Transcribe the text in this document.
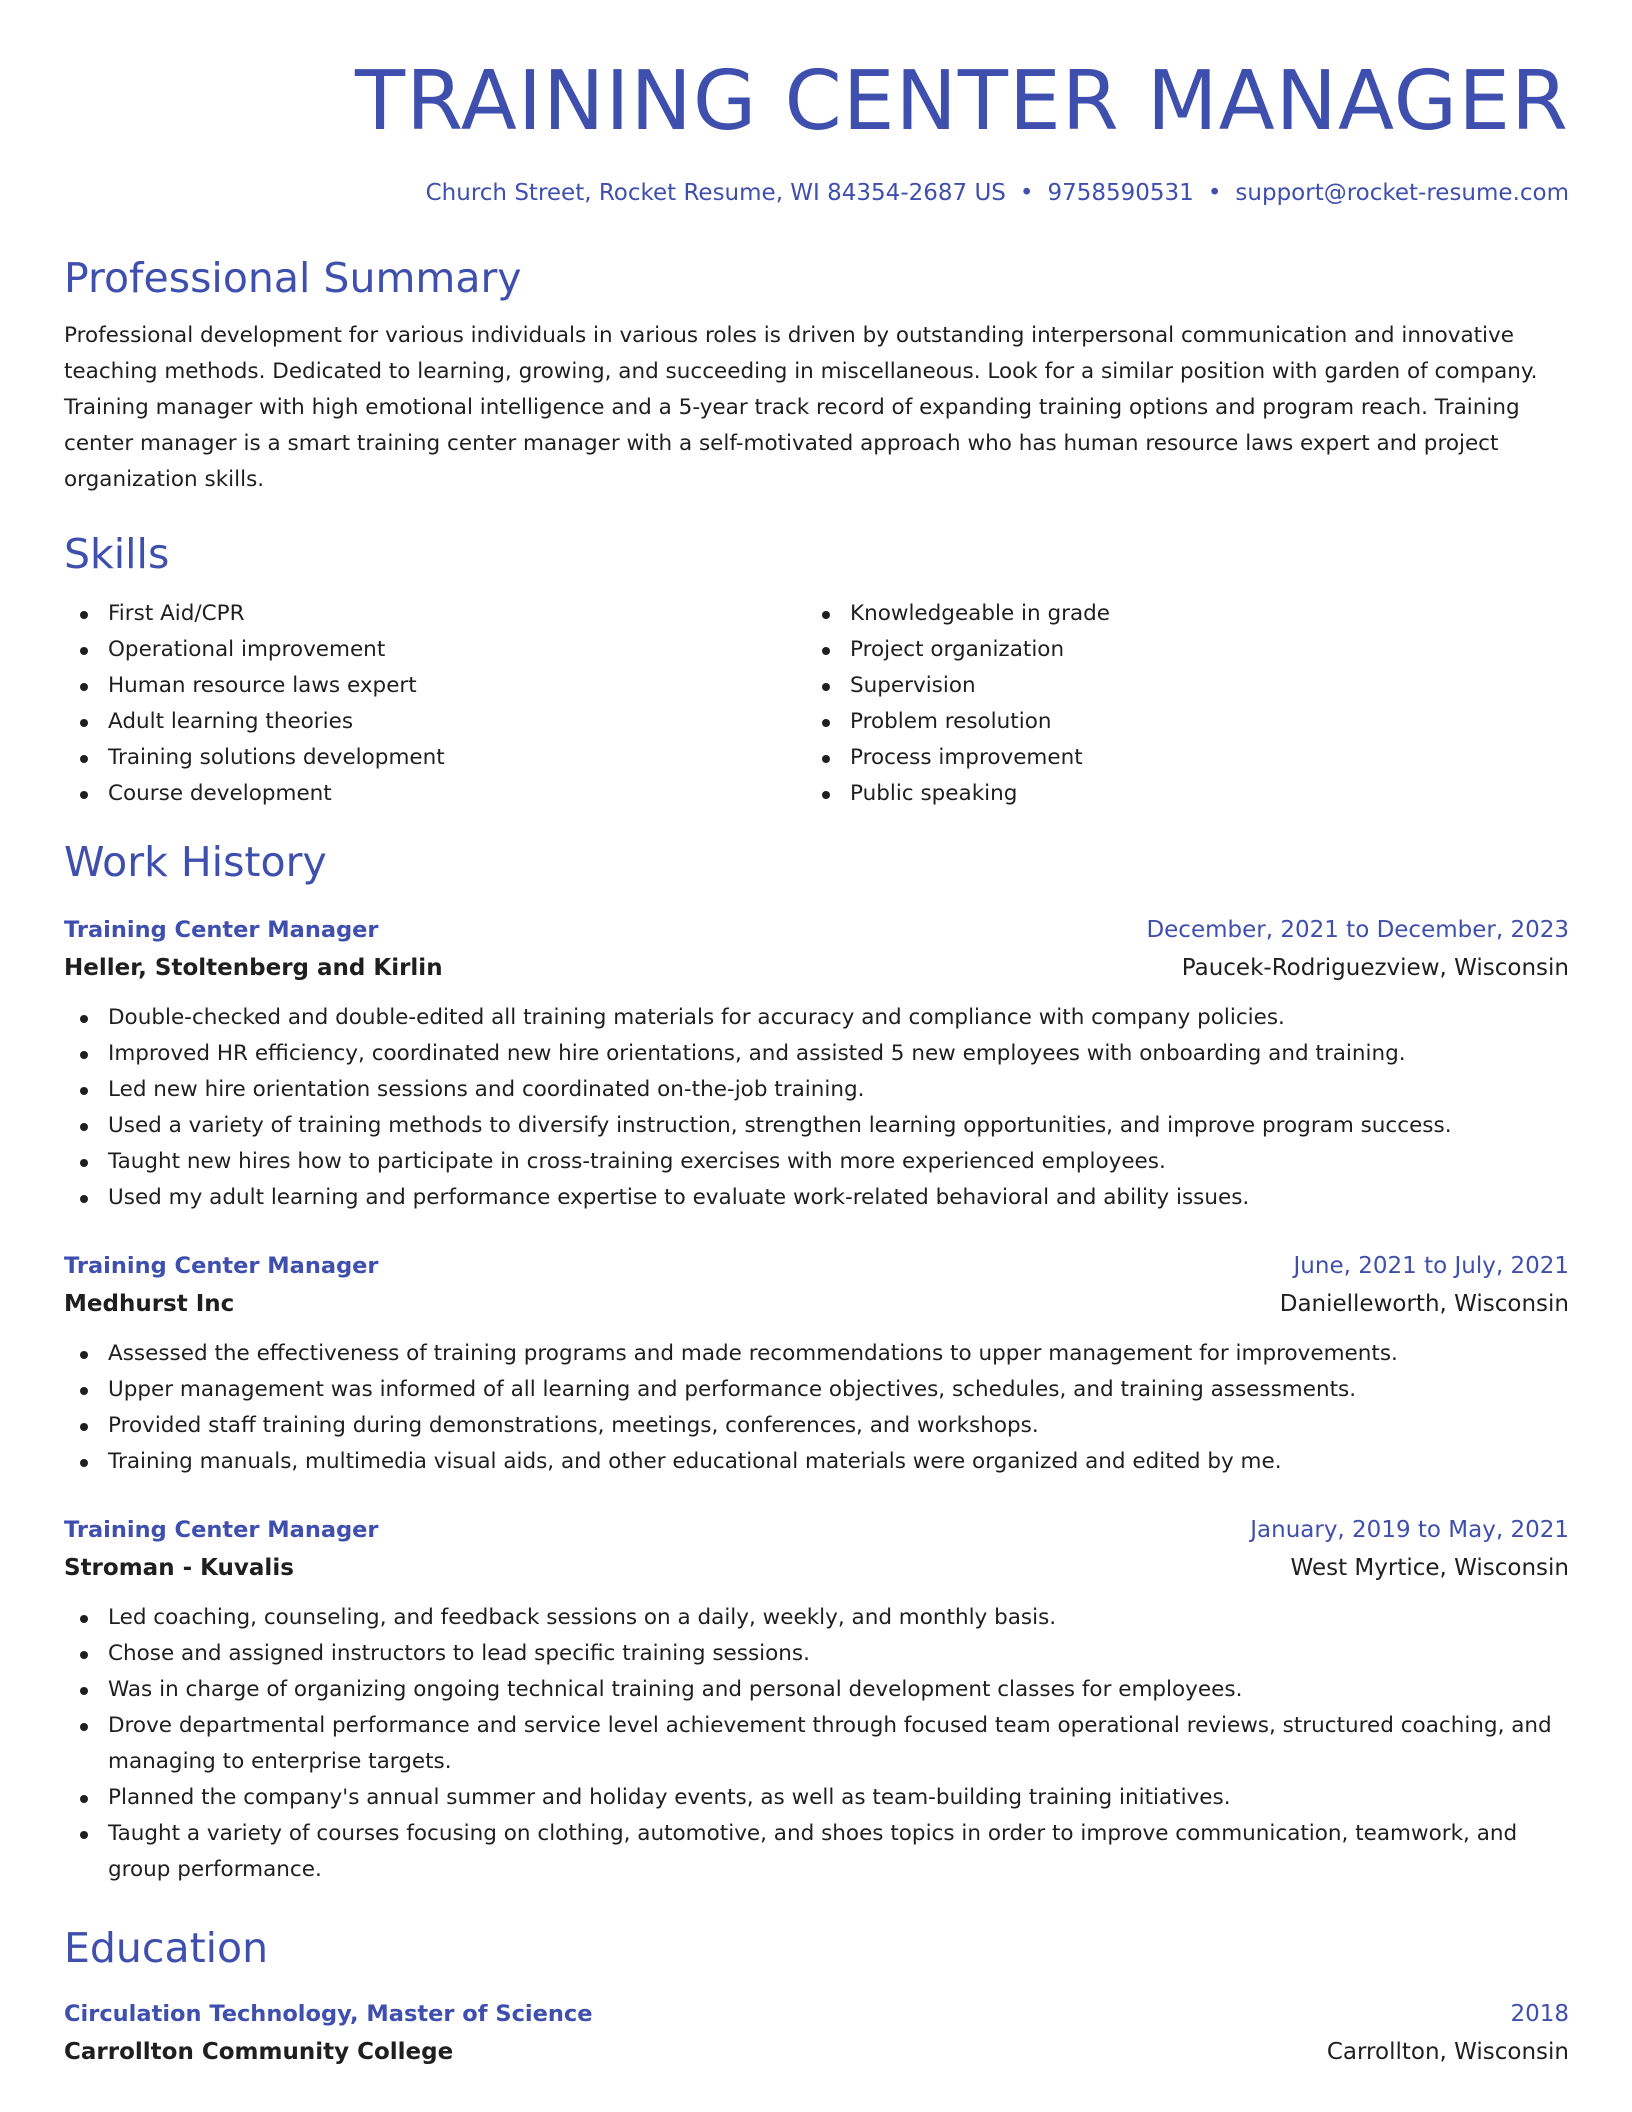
TRAINING CENTER MANAGER
Church Street, Rocket Resume, WI 84354-2687 US • 9758590531 • support@rocket-resume.com
Professional Summary

Professional development for various individuals in various roles is driven by outstanding interpersonal communication and innovative teaching methods. Dedicated to learning, growing, and succeeding in miscellaneous. Look for a similar position with garden of company. Training manager with high emotional intelligence and a 5-year track record of expanding training options and program reach. Training center manager is a smart training center manager with a self-motivated approach who has human resource laws expert and project organization skills.

Skills
First Aid/CPR
Operational improvement
Human resource laws expert
Adult learning theories
Training solutions development
Course development
Knowledgeable in grade
Project organization
Supervision
Problem resolution
Process improvement
Public speaking
Work History
Training Center Manager	December, 2021 to December, 2023
Heller, Stoltenberg and Kirlin	Paucek-Rodriguezview, Wisconsin
Double-checked and double-edited all training materials for accuracy and compliance with company policies.
Improved HR efficiency, coordinated new hire orientations, and assisted 5 new employees with onboarding and training.
Led new hire orientation sessions and coordinated on-the-job training.
Used a variety of training methods to diversify instruction, strengthen learning opportunities, and improve program success.
Taught new hires how to participate in cross-training exercises with more experienced employees.
Used my adult learning and performance expertise to evaluate work-related behavioral and ability issues.
Training Center Manager	June, 2021 to July, 2021
Medhurst Inc	Danielleworth, Wisconsin
Assessed the effectiveness of training programs and made recommendations to upper management for improvements.
Upper management was informed of all learning and performance objectives, schedules, and training assessments.
Provided staff training during demonstrations, meetings, conferences, and workshops.
Training manuals, multimedia visual aids, and other educational materials were organized and edited by me.
Training Center Manager	January, 2019 to May, 2021
Stroman - Kuvalis	West Myrtice, Wisconsin
Led coaching, counseling, and feedback sessions on a daily, weekly, and monthly basis.
Chose and assigned instructors to lead specific training sessions.
Was in charge of organizing ongoing technical training and personal development classes for employees.
Drove departmental performance and service level achievement through focused team operational reviews, structured coaching, and managing to enterprise targets.
Planned the company's annual summer and holiday events, as well as team-building training initiatives.
Taught a variety of courses focusing on clothing, automotive, and shoes topics in order to improve communication, teamwork, and group performance.
Education
Circulation Technology, Master of Science	2018
Carrollton Community College	Carrollton, Wisconsin
